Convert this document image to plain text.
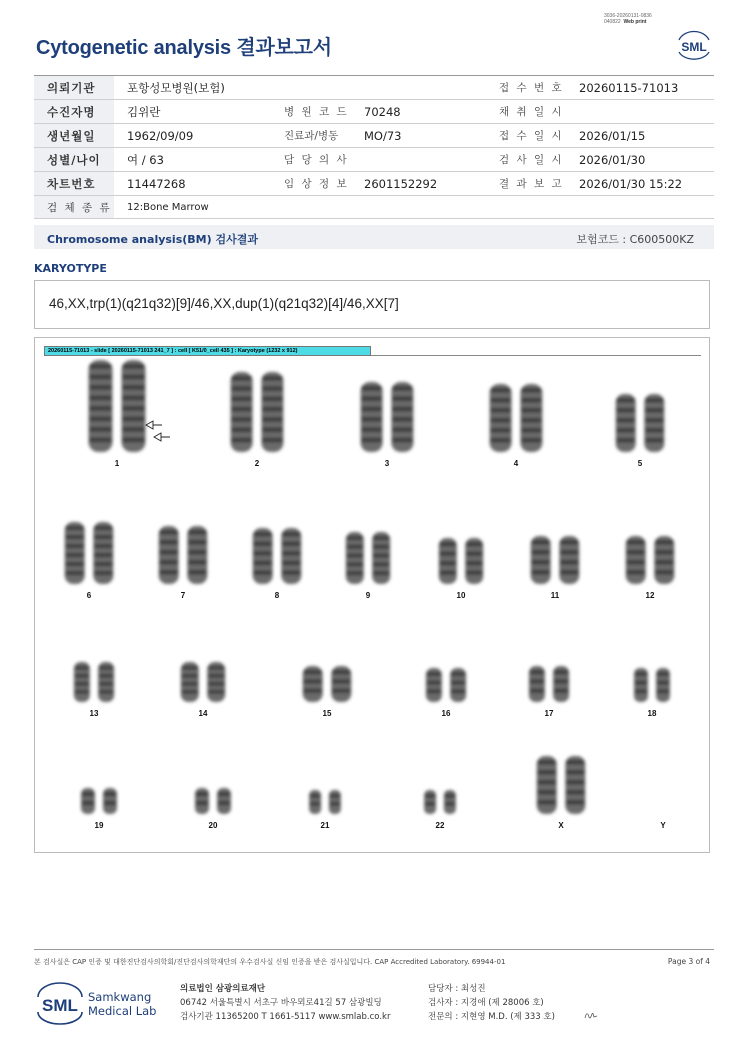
3036-20260131-0836
040822 Web print
Cytogenetic analysis 결과보고서	SML
의뢰기관	포항성모병원(보험)			접 수 번 호	20260115-71013
수진자명	김위란	병 원 코 드	70248	채 취 일 시	
생년월일	1962/09/09	진료과/병동	MO/73	접 수 일 시	2026/01/15
성별/나이	여 / 63	담 당 의 사		검 사 일 시	2026/01/30
차트번호	11447268	임 상 정 보	2601152292	결 과 보 고	2026/01/30 15:22
검 체 종 류	12:Bone Marrow				
Chromosome analysis(BM) 검사결과	보험코드 : C600500KZ
KARYOTYPE
46,XX,trp(1)(q21q32)[9]/46,XX,dup(1)(q21q32)[4]/46,XX[7]
1	2	3	4	5
6	7	8	9	10	11	12
13	14	15	16	17	18
19	20	21	22	X	Y
20260115-71013 - slide [ 20260115-71013 241_7 ] : cell [ K51/0_cell 435 ] : Karyotype (1232 x 912)
본 검사실은 CAP 인증 및 대한진단검사의학회/진단검사의학재단의 우수검사실 신임 인증을 받은 검사실입니다. CAP Accredited Laboratory. 69944-01	Page 3 of 4
SML Samkwang
Medical Lab
의료법인 삼광의료재단
06742 서울특별시 서초구 바우뫼로41길 57 삼광빌딩
검사기관 11365200 T 1661-5117 www.smlab.co.kr
담당자 : 최성진
검사자 : 지경애 (제 28006 호)
전문의 : 지현영 M.D. (제 333 호)
